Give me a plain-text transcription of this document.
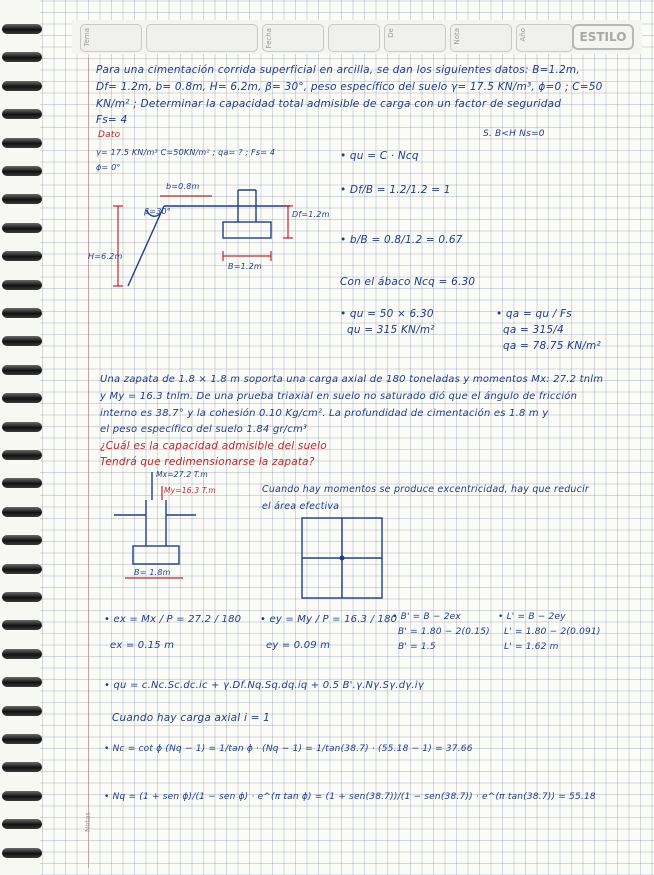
Tema	Fecha	De	Nota	Año	ESTILO
Notas
Para una cimentación corrida superficial en arcilla, se dan los siguientes datos: B=1.2m,
Df= 1.2m, b= 0.8m, H= 6.2m, β= 30°, peso específico del suelo γ= 17.5 KN/m³, ϕ=0 ; C=50
KN/m² ; Determinar la capacidad total admisible de carga con un factor de seguridad
Fs= 4
Dato	S. B<H Ns=0
γ= 17.5 KN/m³ C=50KN/m² ; qa= ? ; Fs= 4
ϕ= 0°
β=30°
b=0.8m
Df=1.2m
H=6.2m
B=1.2m
• qu = C · Ncq
• Df/B = 1.2/1.2 = 1
• b/B = 0.8/1.2 = 0.67
Con el ábaco Ncq = 6.30
• qu = 50 × 6.30
qu = 315 KN/m²
• qa = qu / Fs
qa = 315/4
qa = 78.75 KN/m²
Una zapata de 1.8 × 1.8 m soporta una carga axial de 180 toneladas y momentos Mx: 27.2 tnlm
y My = 16.3 tnlm. De una prueba triaxial en suelo no saturado dió que el ángulo de fricción
interno es 38.7° y la cohesión 0.10 Kg/cm². La profundidad de cimentación es 1.8 m y
el peso específico del suelo 1.84 gr/cm³
¿Cuál es la capacidad admisible del suelo
Tendrá que redimensionarse la zapata?
Mx=27.2 T.m
My=16.3 T.m
B= 1.8m
Cuando hay momentos se produce excentricidad, hay que reducir
el área efectiva
• ex = Mx / P = 27.2 / 180
ex = 0.15 m
• ey = My / P = 16.3 / 180
ey = 0.09 m
• B' = B − 2ex
B' = 1.80 − 2(0.15)
B' = 1.5
• L' = B − 2ey
L' = 1.80 − 2(0.091)
L' = 1.62 m
• qu = c.Nc.Sc.dc.ic + γ.Df.Nq.Sq.dq.iq + 0.5 B'.γ.Nγ.Sγ.dγ.iγ
Cuando hay carga axial i = 1
• Nc = cot ϕ (Nq − 1) = 1/tan ϕ · (Nq − 1) = 1/tan(38.7) · (55.18 − 1) = 37.66
• Nq = (1 + sen ϕ)/(1 − sen ϕ) · e^(π tan ϕ) = (1 + sen(38.7))/(1 − sen(38.7)) · e^(π tan(38.7)) = 55.18
